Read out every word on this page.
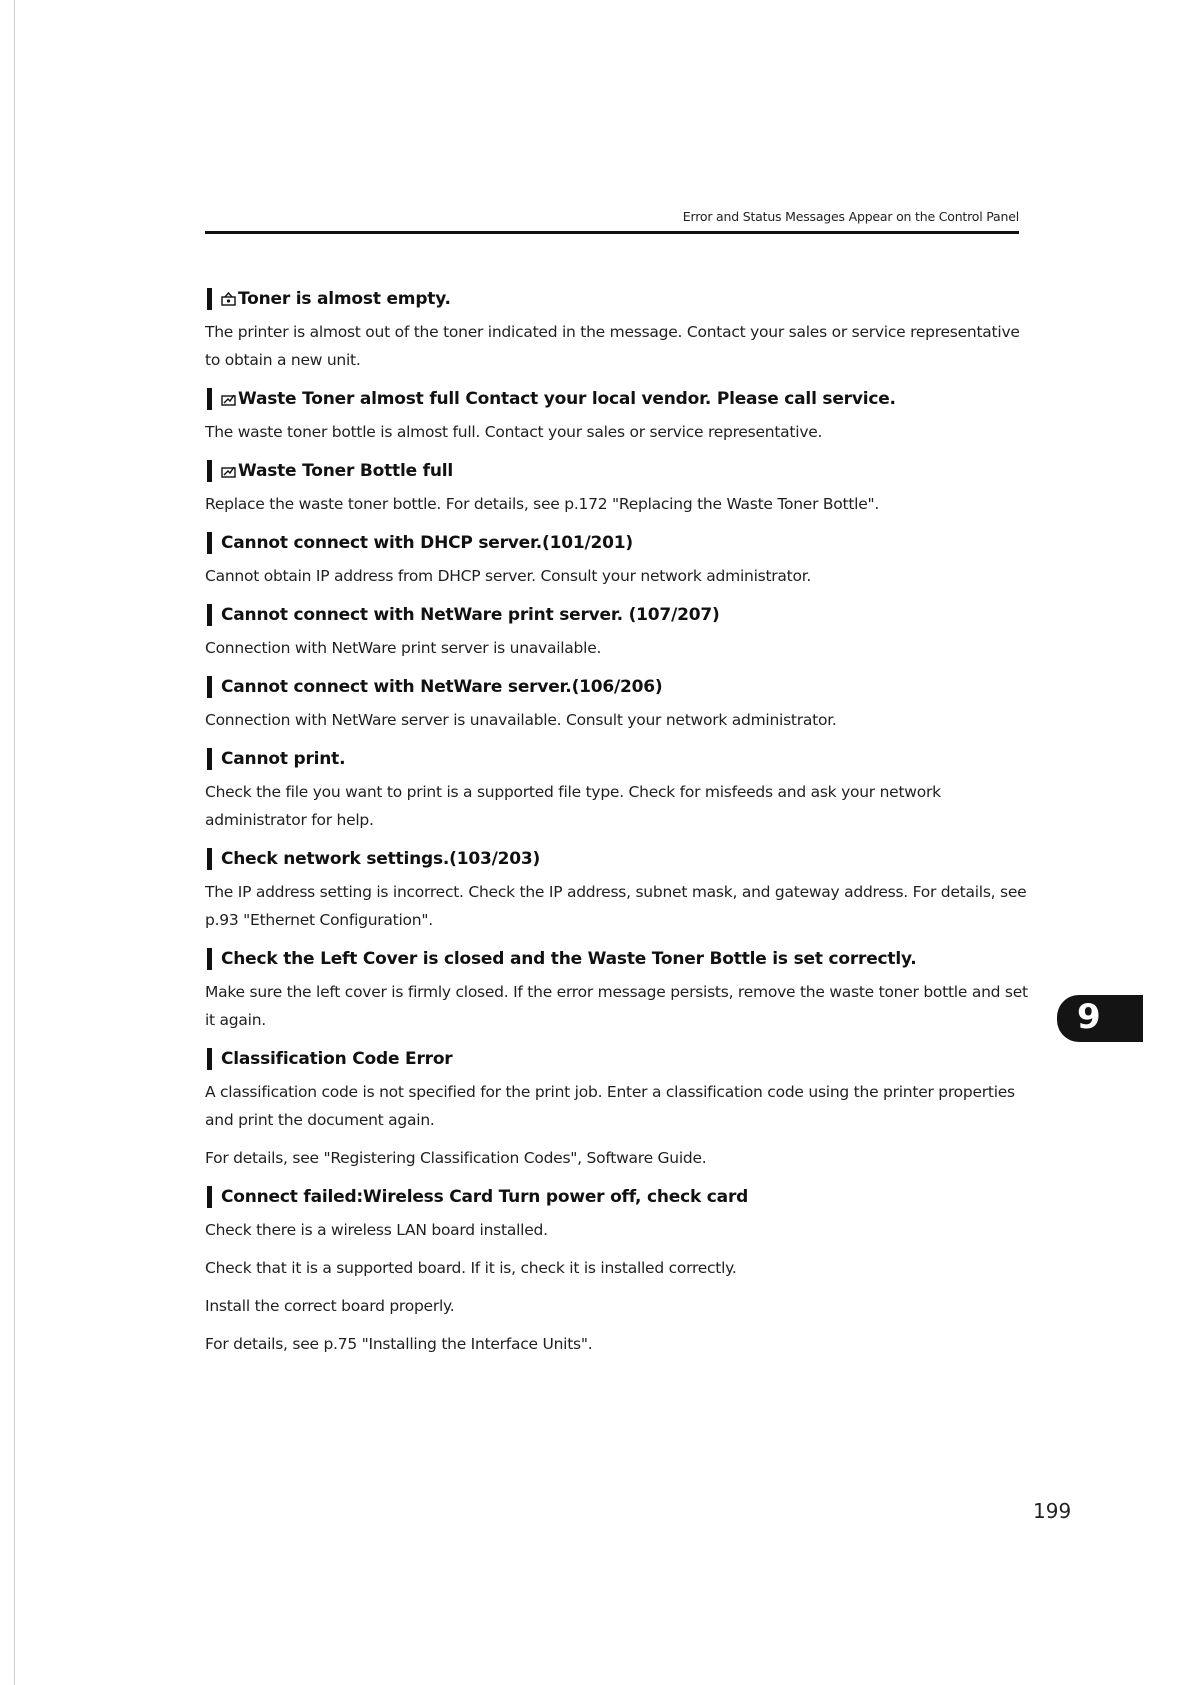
Error and Status Messages Appear on the Control Panel
Toner is almost empty.

The printer is almost out of the toner indicated in the message. Contact your sales or service representative to obtain a new unit.

Waste Toner almost full Contact your local vendor. Please call service.

The waste toner bottle is almost full. Contact your sales or service representative.

Waste Toner Bottle full

Replace the waste toner bottle. For details, see p.172 "Replacing the Waste Toner Bottle".

Cannot connect with DHCP server.(101/201)

Cannot obtain IP address from DHCP server. Consult your network administrator.

Cannot connect with NetWare print server. (107/207)

Connection with NetWare print server is unavailable.

Cannot connect with NetWare server.(106/206)

Connection with NetWare server is unavailable. Consult your network administrator.

Cannot print.

Check the file you want to print is a supported file type. Check for misfeeds and ask your network administrator for help.

Check network settings.(103/203)

The IP address setting is incorrect. Check the IP address, subnet mask, and gateway address. For details, see p.93 "Ethernet Configuration".

Check the Left Cover is closed and the Waste Toner Bottle is set correctly.

Make sure the left cover is firmly closed. If the error message persists, remove the waste toner bottle and set it again.

Classification Code Error

A classification code is not specified for the print job. Enter a classification code using the printer properties and print the document again.

For details, see "Registering Classification Codes", Software Guide.

Connect failed:Wireless Card Turn power off, check card

Check there is a wireless LAN board installed.

Check that it is a supported board. If it is, check it is installed correctly.

Install the correct board properly.

For details, see p.75 "Installing the Interface Units".

9
199
